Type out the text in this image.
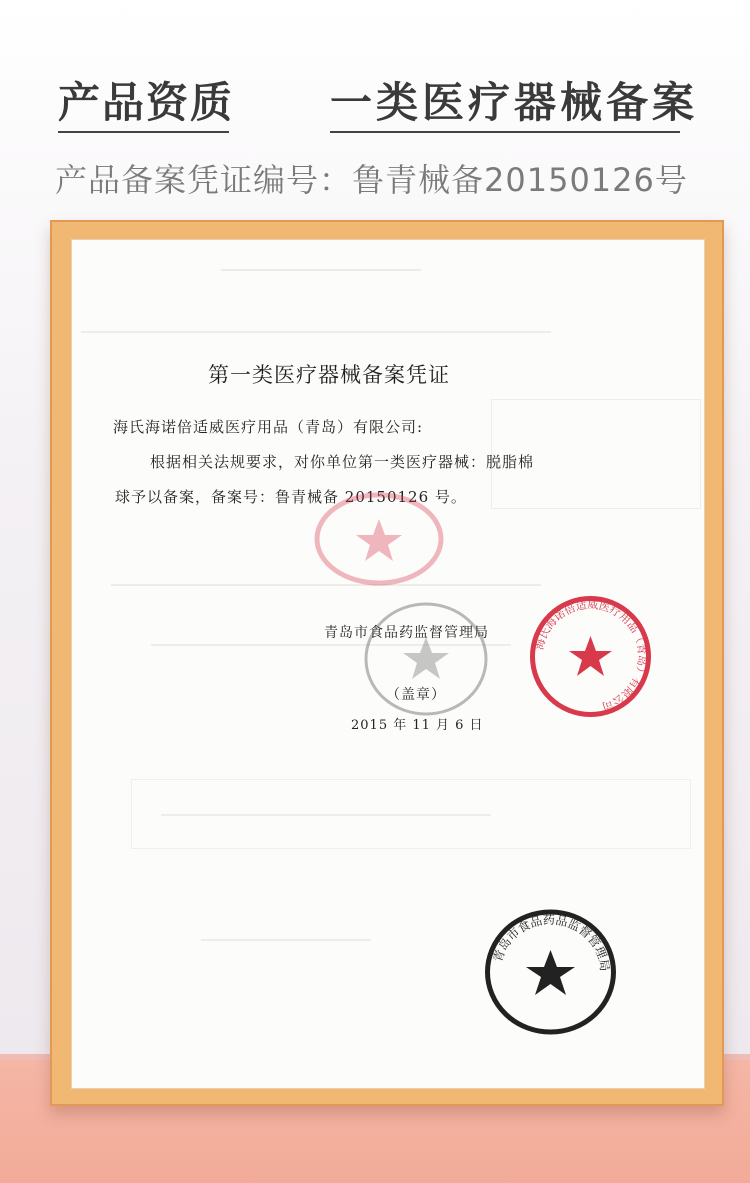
产品资质 一类医疗器械备案
产品备案凭证编号：鲁青械备20150126号
第一类医疗器械备案凭证
海氏海诺倍适威医疗用品（青岛）有限公司:
根据相关法规要求，对你单位第一类医疗器械：脱脂棉
球予以备案，备案号：鲁青械备 20150126 号。
青岛市食品药监督管理局
（盖章）
2015 年 11 月 6 日
海氏海诺倍适威医疗用品（青岛）有限公司
青岛市食品药品监督管理局
